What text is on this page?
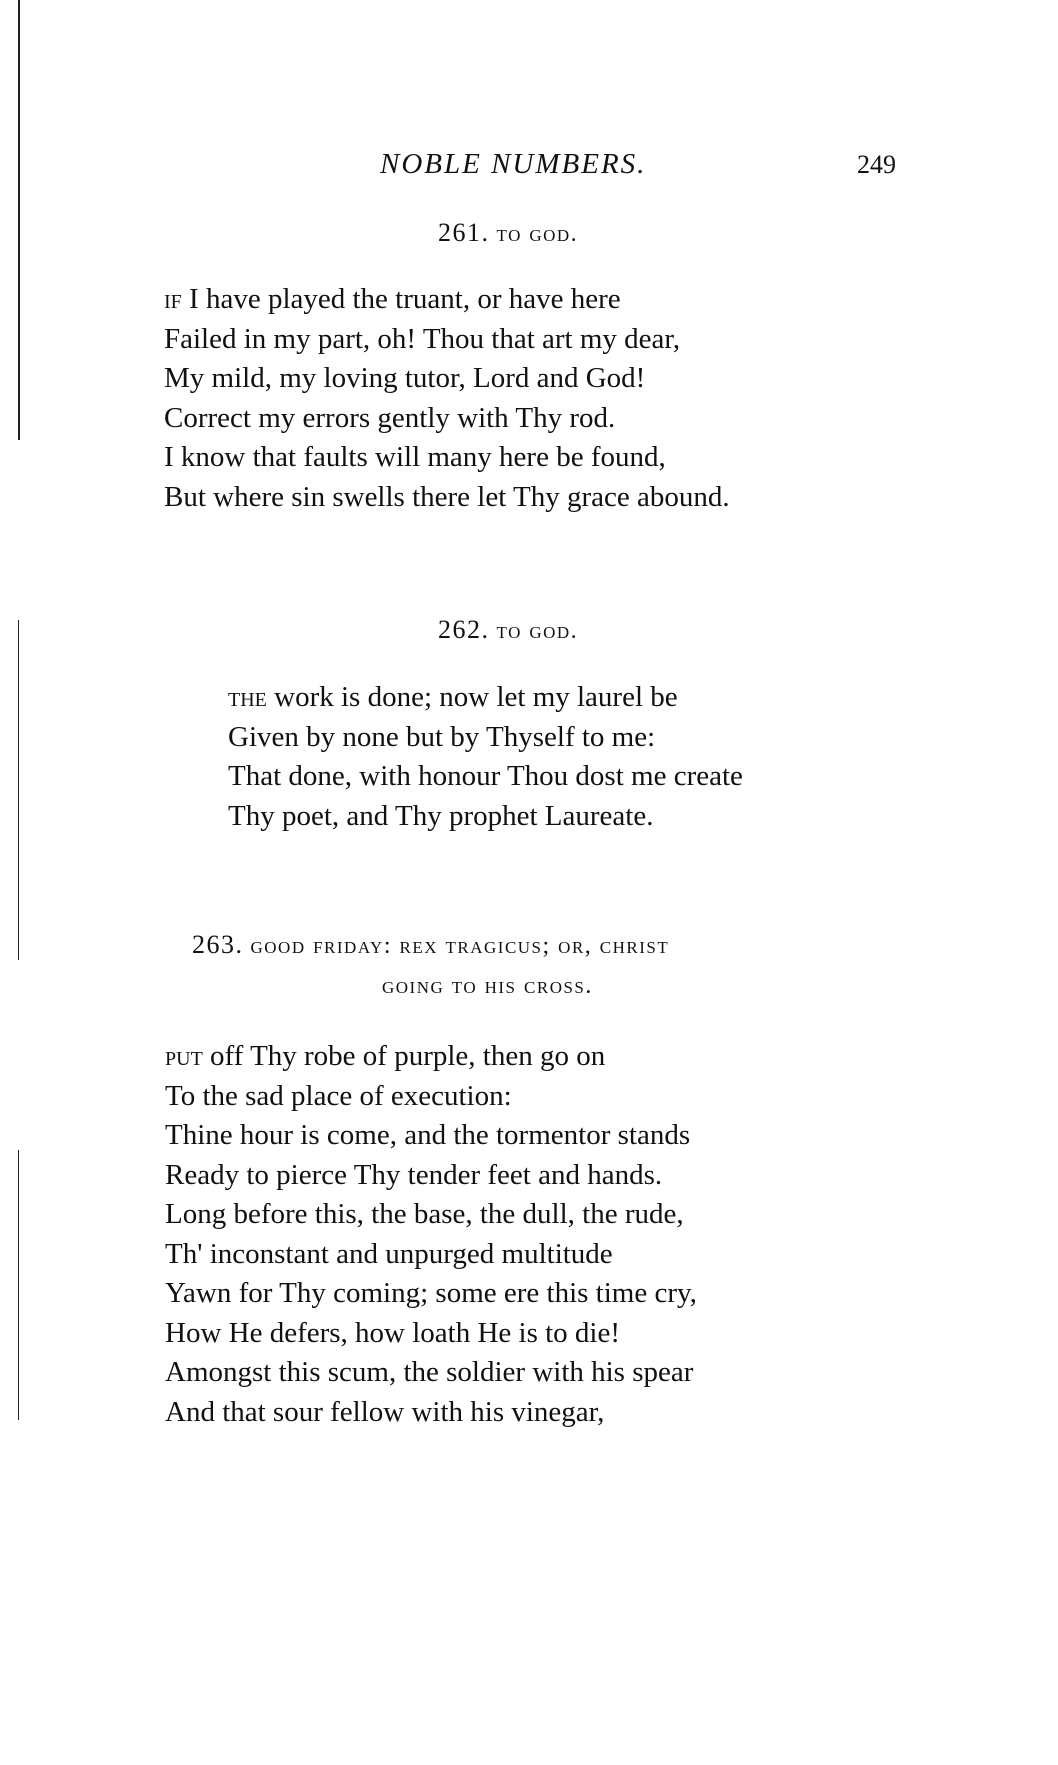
NOBLE NUMBERS.	249
261. to god.
if I have played the truant, or have here
Failed in my part, oh! Thou that art my dear,
My mild, my loving tutor, Lord and God!
Correct my errors gently with Thy rod.
I know that faults will many here be found,
But where sin swells there let Thy grace abound.
262. to god.
the work is done; now let my laurel be
Given by none but by Thyself to me:
That done, with honour Thou dost me create
Thy poet, and Thy prophet Laureate.
263. good friday: rex tragicus; or, christ
going to his cross.
put off Thy robe of purple, then go on
To the sad place of execution:
Thine hour is come, and the tormentor stands
Ready to pierce Thy tender feet and hands.
Long before this, the base, the dull, the rude,
Th' inconstant and unpurged multitude
Yawn for Thy coming; some ere this time cry,
How He defers, how loath He is to die!
Amongst this scum, the soldier with his spear
And that sour fellow with his vinegar,
